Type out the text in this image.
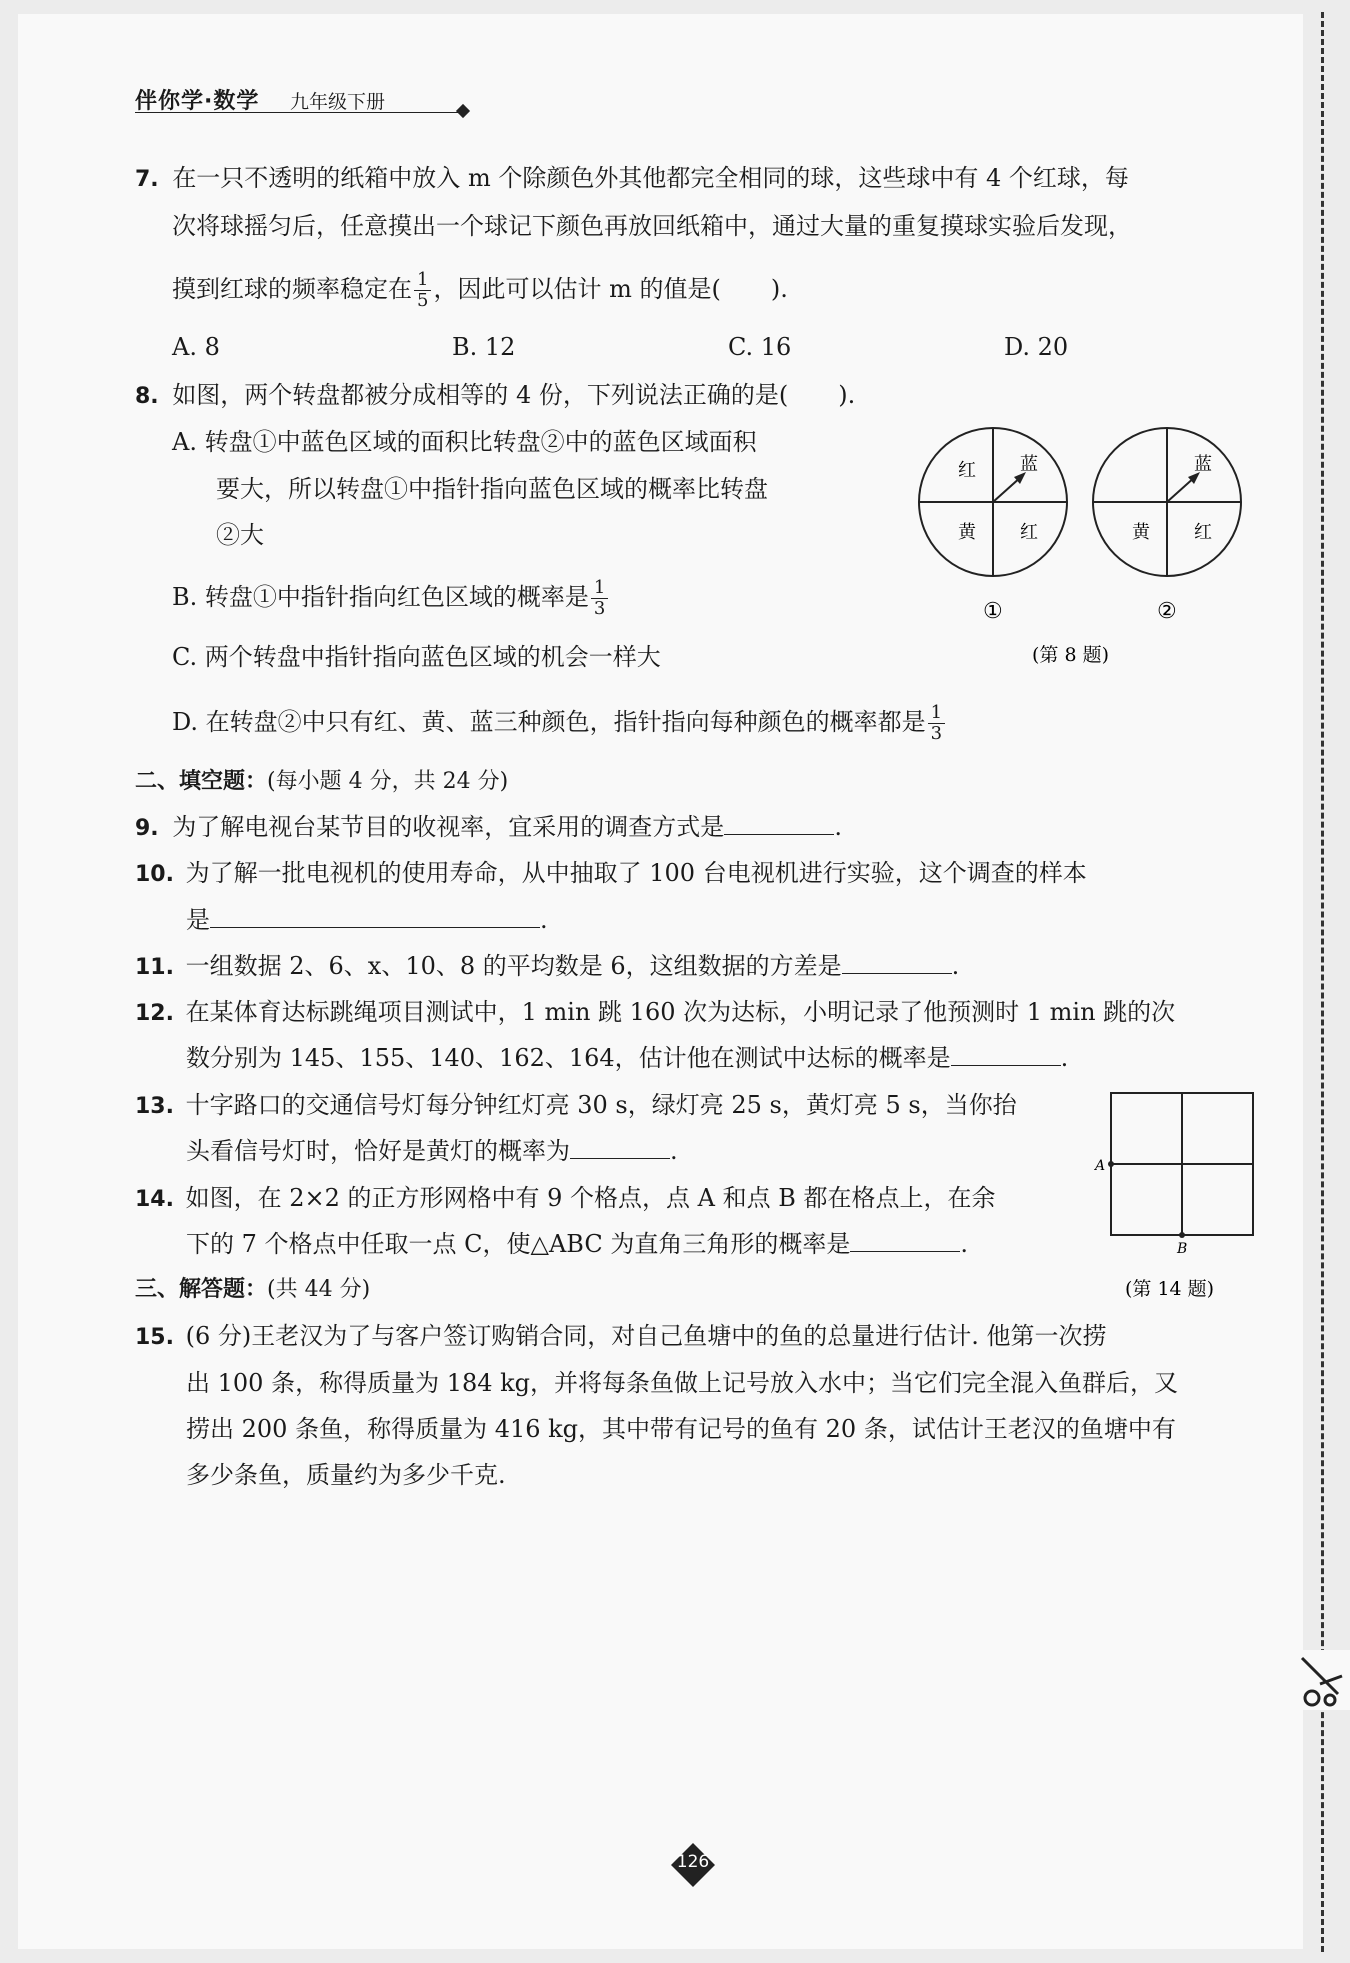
伴你学·数学 九年级下册
7. 在一只不透明的纸箱中放入 m 个除颜色外其他都完全相同的球，这些球中有 4 个红球，每
次将球摇匀后，任意摸出一个球记下颜色再放回纸箱中，通过大量的重复摸球实验后发现，
摸到红球的频率稳定在 $\frac{1}{5}$ ，因此可以估计 m 的值是( ).
A. 8	B. 12	C. 16	D. 20
8. 如图，两个转盘都被分成相等的 4 份，下列说法正确的是( ).
A. 转盘①中蓝色区域的面积比转盘②中的蓝色区域面积
要大，所以转盘①中指针指向蓝色区域的概率比转盘
②大
B. 转盘①中指针指向红色区域的概率是 $\frac{1}{3}$
C. 两个转盘中指针指向蓝色区域的机会一样大
D. 在转盘②中只有红、黄、蓝三种颜色，指针指向每种颜色的概率都是 $\frac{1}{3}$
红 蓝
黄 红
①
蓝
黄 红
②
(第 8 题)
二、填空题：(每小题 4 分，共 24 分)
9. 为了解电视台某节目的收视率，宜采用的调查方式是	.
10. 为了解一批电视机的使用寿命，从中抽取了 100 台电视机进行实验，这个调查的样本
是	.
11. 一组数据 2、6、x、10、8 的平均数是 6，这组数据的方差是	.
12. 在某体育达标跳绳项目测试中，1 min 跳 160 次为达标，小明记录了他预测时 1 min 跳的次
数分别为 145、155、140、162、164，估计他在测试中达标的概率是	.
13. 十字路口的交通信号灯每分钟红灯亮 30 s，绿灯亮 25 s，黄灯亮 5 s，当你抬
头看信号灯时，恰好是黄灯的概率为	.
14. 如图，在 2×2 的正方形网格中有 9 个格点，点 A 和点 B 都在格点上，在余
下的 7 个格点中任取一点 C，使△ABC 为直角三角形的概率是	.
A
B
(第 14 题)
三、解答题：(共 44 分)
15. (6 分)王老汉为了与客户签订购销合同，对自己鱼塘中的鱼的总量进行估计. 他第一次捞
出 100 条，称得质量为 184 kg，并将每条鱼做上记号放入水中；当它们完全混入鱼群后，又
捞出 200 条鱼，称得质量为 416 kg，其中带有记号的鱼有 20 条，试估计王老汉的鱼塘中有
多少条鱼，质量约为多少千克.
126
